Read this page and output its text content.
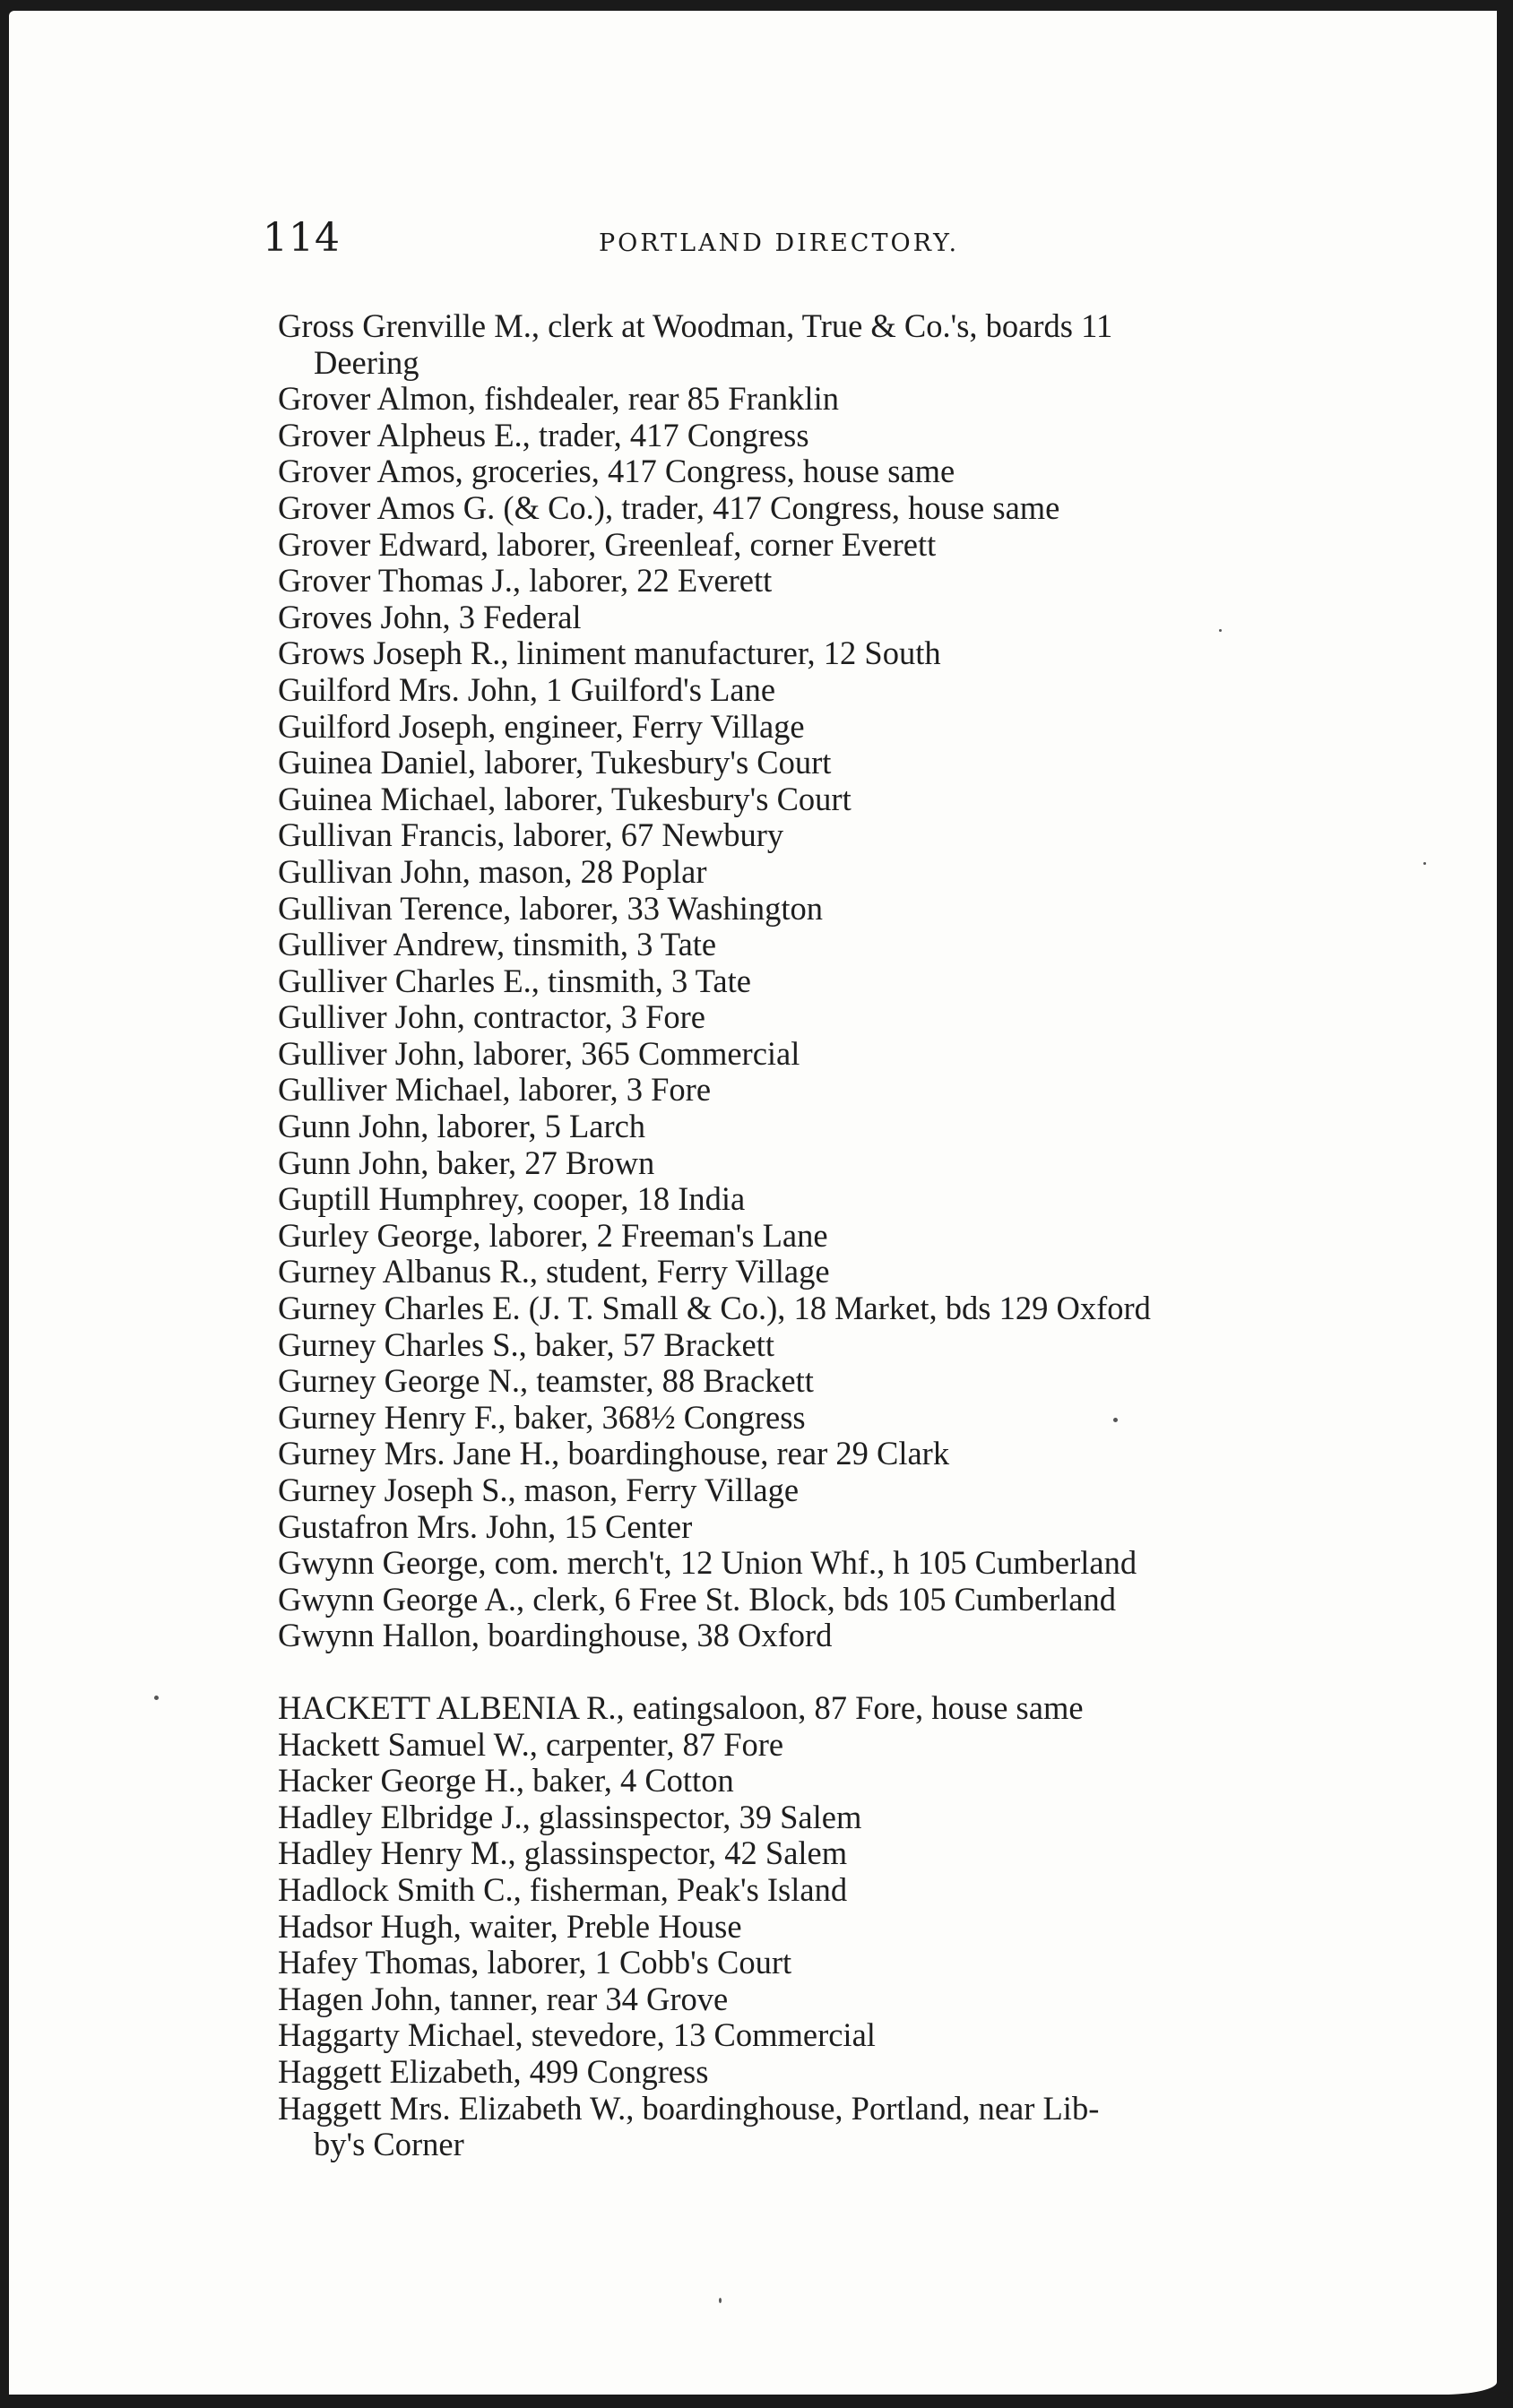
114	PORTLAND DIRECTORY.
Gross Grenville M., clerk at Woodman, True & Co.'s, boards 11
Deering
Grover Almon, fishdealer, rear 85 Franklin
Grover Alpheus E., trader, 417 Congress
Grover Amos, groceries, 417 Congress, house same
Grover Amos G. (& Co.), trader, 417 Congress, house same
Grover Edward, laborer, Greenleaf, corner Everett
Grover Thomas J., laborer, 22 Everett
Groves John, 3 Federal
Grows Joseph R., liniment manufacturer, 12 South
Guilford Mrs. John, 1 Guilford's Lane
Guilford Joseph, engineer, Ferry Village
Guinea Daniel, laborer, Tukesbury's Court
Guinea Michael, laborer, Tukesbury's Court
Gullivan Francis, laborer, 67 Newbury
Gullivan John, mason, 28 Poplar
Gullivan Terence, laborer, 33 Washington
Gulliver Andrew, tinsmith, 3 Tate
Gulliver Charles E., tinsmith, 3 Tate
Gulliver John, contractor, 3 Fore
Gulliver John, laborer, 365 Commercial
Gulliver Michael, laborer, 3 Fore
Gunn John, laborer, 5 Larch
Gunn John, baker, 27 Brown
Guptill Humphrey, cooper, 18 India
Gurley George, laborer, 2 Freeman's Lane
Gurney Albanus R., student, Ferry Village
Gurney Charles E. (J. T. Small & Co.), 18 Market, bds 129 Oxford
Gurney Charles S., baker, 57 Brackett
Gurney George N., teamster, 88 Brackett
Gurney Henry F., baker, 368½ Congress
Gurney Mrs. Jane H., boardinghouse, rear 29 Clark
Gurney Joseph S., mason, Ferry Village
Gustafron Mrs. John, 15 Center
Gwynn George, com. merch't, 12 Union Whf., h 105 Cumberland
Gwynn George A., clerk, 6 Free St. Block, bds 105 Cumberland
Gwynn Hallon, boardinghouse, 38 Oxford
HACKETT ALBENIA R., eatingsaloon, 87 Fore, house same
Hackett Samuel W., carpenter, 87 Fore
Hacker George H., baker, 4 Cotton
Hadley Elbridge J., glassinspector, 39 Salem
Hadley Henry M., glassinspector, 42 Salem
Hadlock Smith C., fisherman, Peak's Island
Hadsor Hugh, waiter, Preble House
Hafey Thomas, laborer, 1 Cobb's Court
Hagen John, tanner, rear 34 Grove
Haggarty Michael, stevedore, 13 Commercial
Haggett Elizabeth, 499 Congress
Haggett Mrs. Elizabeth W., boardinghouse, Portland, near Lib-
by's Corner
